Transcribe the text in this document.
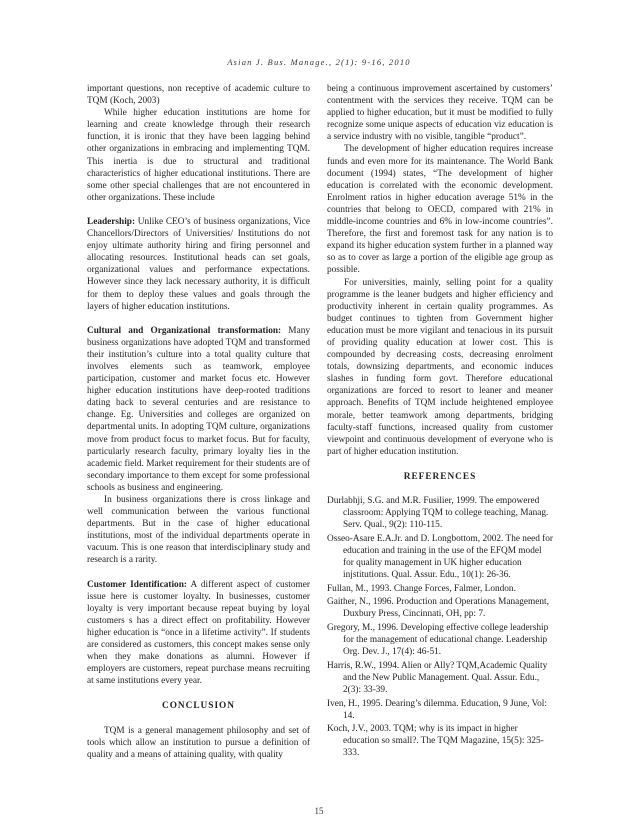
Asian J. Bus. Manage., 2(1): 9-16, 2010

important questions, non receptive of academic culture to TQM (Koch, 2003)

While higher education institutions are home for learning and create knowledge through their research function, it is ironic that they have been lagging behind other organizations in embracing and implementing TQM. This inertia is due to structural and traditional characteristics of higher educational institutions. There are some other special challenges that are not encountered in other organizations. These include

Leadership: Unlike CEO’s of business organizations, Vice Chancellors/Directors of Universities/ Institutions do not enjoy ultimate authority hiring and firing personnel and allocating resources. Institutional heads can set goals, organizational values and performance expectations. However since they lack necessary authority, it is difficult for them to deploy these values and goals through the layers of higher education institutions.

Cultural and Organizational transformation: Many business organizations have adopted TQM and transformed their institution’s culture into a total quality culture that involves elements such as teamwork, employee participation, customer and market focus etc. However higher education institutions have deep-rooted traditions dating back to several centuries and are resistance to change. Eg. Universities and colleges are organized on departmental units. In adopting TQM culture, organizations move from product focus to market focus. But for faculty, particularly research faculty, primary loyalty lies in the academic field. Market requirement for their students are of secondary importance to them except for some professional schools as business and engineering.

In business organizations there is cross linkage and well communication between the various functional departments. But in the case of higher educational institutions, most of the individual departments operate in vacuum. This is one reason that interdisciplinary study and research is a rarity.

Customer Identification: A different aspect of customer issue here is customer loyalty. In businesses, customer loyalty is very important because repeat buying by loyal customers s has a direct effect on profitability. However higher education is “once in a lifetime activity”. If students are considered as customers, this concept makes sense only when they make donations as alumni. However if employers are customers, repeat purchase means recruiting at same institutions every year.

CONCLUSION

TQM is a general management philosophy and set of tools which allow an institution to pursue a definition of quality and a means of attaining quality, with quality

being a continuous improvement ascertained by customers’ contentment with the services they receive. TQM can be applied to higher education, but it must be modified to fully recognize some unique aspects of education viz education is a service industry with no visible, tangible “product”.

The development of higher education requires increase funds and even more for its maintenance. The World Bank document (1994) states, “The development of higher education is correlated with the economic development. Enrolment ratios in higher education average 51% in the countries that belong to OECD, compared with 21% in middle-income countries and 6% in low-income countries”. Therefore, the first and foremost task for any nation is to expand its higher education system further in a planned way so as to cover as large a portion of the eligible age group as possible.

For universities, mainly, selling point for a quality programme is the leaner budgets and higher efficiency and productivity inherent in certain quality programmes. As budget continues to tighten from Government higher education must be more vigilant and tenacious in its pursuit of providing quality education at lower cost. This is compounded by decreasing costs, decreasing enrolment totals, downsizing departments, and economic induces slashes in funding form govt. Therefore educational organizations are forced to resort to leaner and meaner approach. Benefits of TQM include heightened employee morale, better teamwork among departments, bridging faculty-staff functions, increased quality from customer viewpoint and continuous development of everyone who is part of higher education institution.

REFERENCES

Durlabhji, S.G. and M.R. Fusilier, 1999. The empowered classroom: Applying TQM to college teaching, Manag. Serv. Qual., 9(2): 110-115.

Osseo-Asare E.A.Jr. and D. Longbottom, 2002. The need for education and training in the use of the EFQM model for quality management in UK higher education injstitutions. Qual. Assur. Edu., 10(1): 26-36.

Fullan, M., 1993. Change Forces, Falmer, London.

Gaither, N., 1996. Production and Operations Management, Duxbury Press, Cincinnati, OH, pp: 7.

Gregory, M., 1996. Developing effective college leadership for the management of educational change. Leadership Org. Dev. J., 17(4): 46-51.

Harris, R.W., 1994. Alien or Ally? TQM,Academic Quality and the New Public Management. Qual. Assur. Edu., 2(3): 33-39.

Iven, H., 1995. Dearing’s dilemma. Education, 9 June, Vol: 14.

Koch, J.V., 2003. TQM; why is its impact in higher education so small?. The TQM Magazine, 15(5): 325-333.

15
